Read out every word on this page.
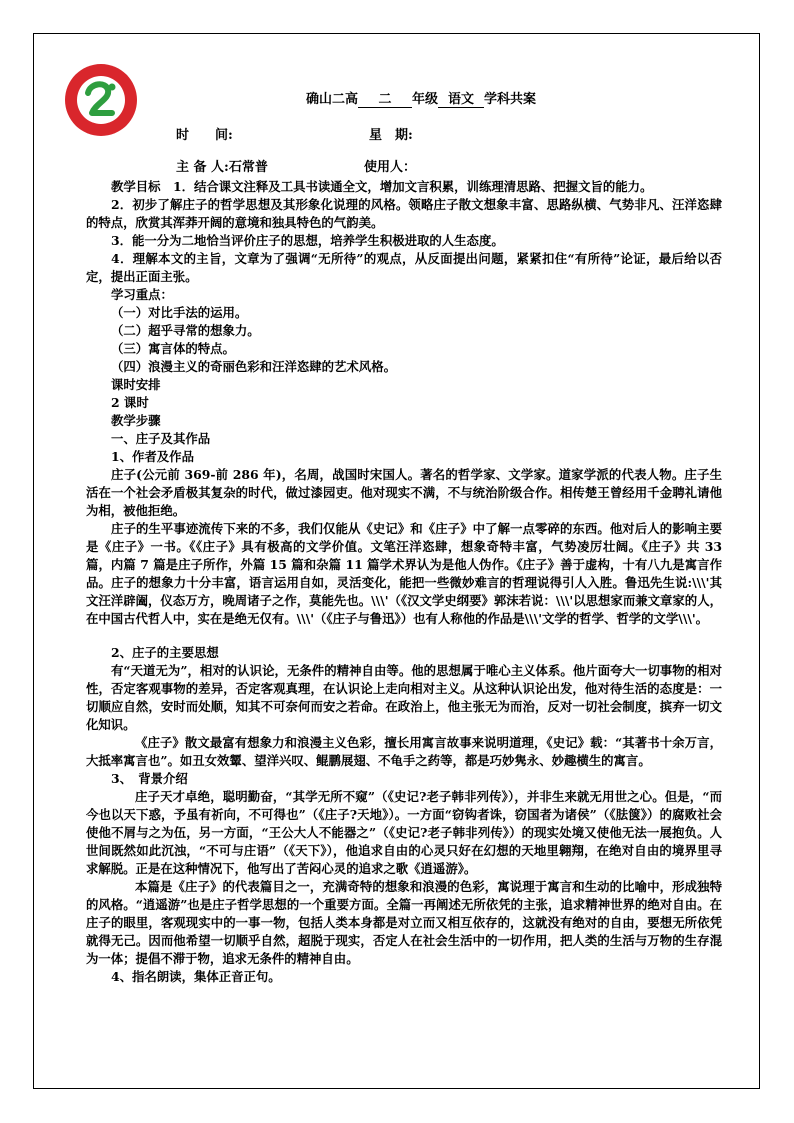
确山二高 二 年级 语文 学科共案
时　　间:	星　期:
主 备 人:石常普	使用人：

教学目标　1．结合课文注释及工具书读通全文，增加文言积累，训练理清思路、把握文旨的能力。

2．初步了解庄子的哲学思想及其形象化说理的风格。领略庄子散文想象丰富、思路纵横、气势非凡、汪洋恣肆的特点，欣赏其浑莽开阔的意境和独具特色的气韵美。

3．能一分为二地恰当评价庄子的思想，培养学生积极进取的人生态度。

4．理解本文的主旨，文章为了强调“无所待”的观点，从反面提出问题，紧紧扣住“有所待”论证，最后给以否定，提出正面主张。

学习重点：

（一）对比手法的运用。

（二）超乎寻常的想象力。

（三）寓言体的特点。

（四）浪漫主义的奇丽色彩和汪洋恣肆的艺术风格。

课时安排

2 课时

教学步骤

一、庄子及其作品

1、作者及作品

庄子(公元前 369-前 286 年)，名周，战国时宋国人。著名的哲学家、文学家。道家学派的代表人物。庄子生活在一个社会矛盾极其复杂的时代，做过漆园吏。他对现实不满，不与统治阶级合作。相传楚王曾经用千金聘礼请他为相，被他拒绝。

庄子的生平事迹流传下来的不多，我们仅能从《史记》和《庄子》中了解一点零碎的东西。他对后人的影响主要是《庄子》一书。《《庄子》具有极高的文学价值。文笔汪洋恣肆，想象奇特丰富，气势凌厉壮阔。《庄子》共 33 篇，内篇 7 篇是庄子所作，外篇 15 篇和杂篇 11 篇学术界认为是他人伪作。《庄子》善于虚构，十有八九是寓言作品。庄子的想象力十分丰富，语言运用自如，灵活变化，能把一些微妙难言的哲理说得引人入胜。鲁迅先生说:\\\'其文汪洋辟阖，仪态万方，晚周诸子之作，莫能先也。\\\'（《汉文学史纲要》郭沫若说：\\\'以思想家而兼文章家的人，在中国古代哲人中，实在是绝无仅有。\\\'（《庄子与鲁迅》）也有人称他的作品是\\\'文学的哲学、哲学的文学\\\'。

2、庄子的主要思想

有“天道无为”，相对的认识论，无条件的精神自由等。他的思想属于唯心主义体系。他片面夸大一切事物的相对性，否定客观事物的差异，否定客观真理，在认识论上走向相对主义。从这种认识论出发，他对待生活的态度是：一切顺应自然，安时而处顺，知其不可奈何而安之若命。在政治上，他主张无为而治，反对一切社会制度，摈弃一切文化知识。

《庄子》散文最富有想象力和浪漫主义色彩，擅长用寓言故事来说明道理，《史记》载：“其著书十余万言，大抵率寓言也”。如丑女效颦、望洋兴叹、鲲鹏展翅、不龟手之药等，都是巧妙隽永、妙趣横生的寓言。

3、　背景介绍

庄子天才卓绝，聪明勤奋，“其学无所不窥”（《史记?老子韩非列传》），并非生来就无用世之心。但是，“而今也以天下惑，予虽有祈向，不可得也”（《庄子?天地》）。一方面“窃钩者诛，窃国者为诸侯”（《胠箧》）的腐败社会使他不屑与之为伍，另一方面，“王公大人不能器之”（《史记?老子韩非列传》）的现实处境又使他无法一展抱负。人世间既然如此沉浊，“不可与庄语”（《天下》），他追求自由的心灵只好在幻想的天地里翱翔，在绝对自由的境界里寻求解脱。正是在这种情况下，他写出了苦闷心灵的追求之歌《逍遥游》。

本篇是《庄子》的代表篇目之一，充满奇特的想象和浪漫的色彩，寓说理于寓言和生动的比喻中，形成独特的风格。“逍遥游”也是庄子哲学思想的一个重要方面。全篇一再阐述无所依凭的主张，追求精神世界的绝对自由。在庄子的眼里，客观现实中的一事一物，包括人类本身都是对立而又相互依存的，这就没有绝对的自由，要想无所依凭就得无己。因而他希望一切顺乎自然，超脱于现实，否定人在社会生活中的一切作用，把人类的生活与万物的生存混为一体；提倡不滞于物，追求无条件的精神自由。

4、指名朗读，集体正音正句。
